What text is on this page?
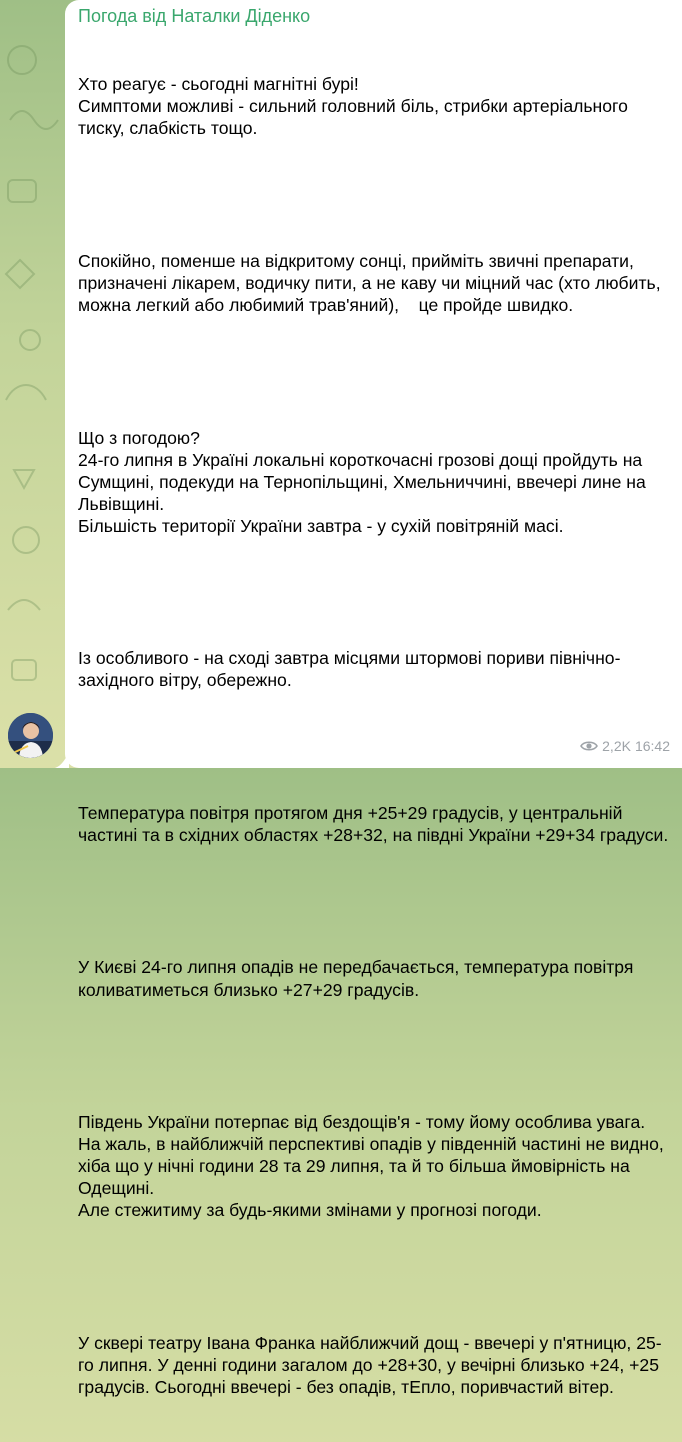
Погода від Наталки Діденко

Хто реагує - сьогодні магнітні бурі!
Симптоми можливі - сильний головний біль, стрибки артеріального тиску, слабкість тощо.

Спокійно, поменше на відкритому сонці, прийміть звичні препарати, призначені лікарем, водичку пити, а не каву чи міцний час (хто любить, можна легкий або любимий трав'яний),    це пройде швидко.

Що з погодою?
24-го липня в Україні локальні короткочасні грозові дощі пройдуть на Сумщині, подекуди на Тернопільщині, Хмельниччині, ввечері лине на Львівщині.
Більшість території України завтра - у сухій повітряній масі.

Із особливого - на сході завтра місцями штормові пориви північно-західного вітру, обережно.

Температура повітря протягом дня +25+29 градусів, у центральній частині та в східних областях +28+32, на півдні України +29+34 градуси.

У Києві 24-го липня опадів не передбачається, температура повітря коливатиметься близько +27+29 градусів.

Південь України потерпає від бездощів'я - тому йому особлива увага.
На жаль, в найближчій перспективі опадів у південній частині не видно, хіба що у нічні години 28 та 29 липня, та й то більша ймовірність на Одещині.
Але стежитиму за будь-якими змінами у прогнозі погоди.

У сквері театру Івана Франка найближчий дощ - ввечері у п'ятницю, 25-го липня. У денні години загалом до +28+30, у вечірні близько +24, +25 градусів. Сьогодні ввечері - без опадів, тЕпло, поривчастий вітер.

2,2K 16:42
